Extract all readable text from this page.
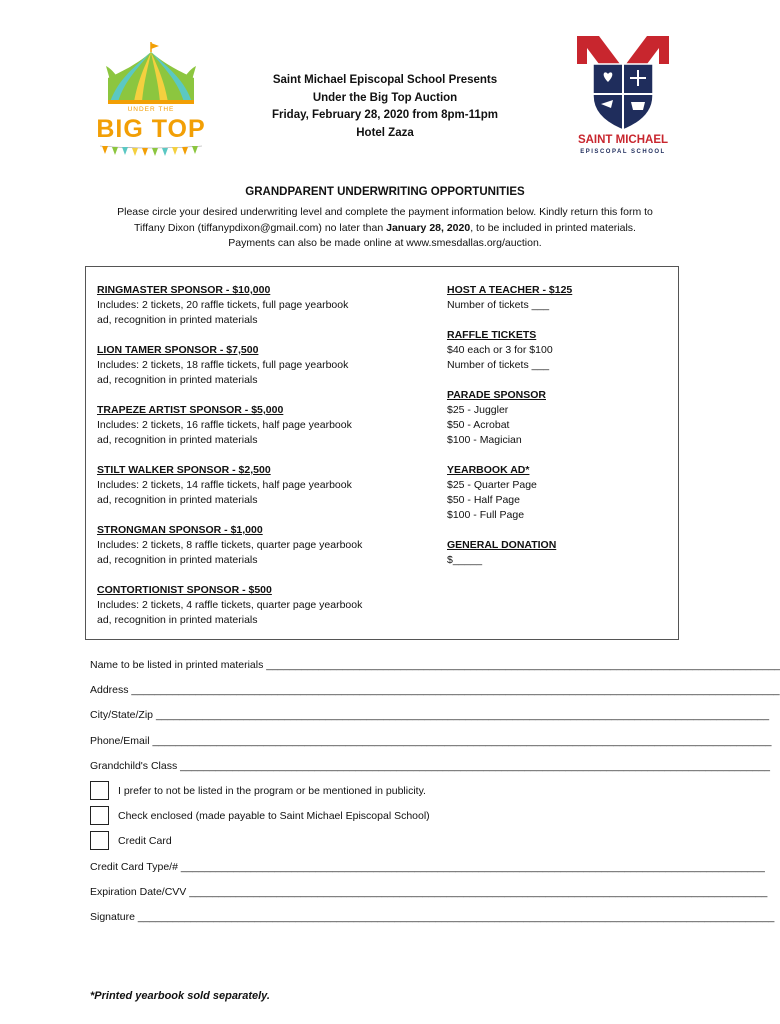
UNDER THE
BIG TOP	SAINT MICHAEL
EPISCOPAL SCHOOL
Saint Michael Episcopal School Presents
Under the Big Top Auction
Friday, February 28, 2020 from 8pm-11pm
Hotel Zaza
GRANDPARENT UNDERWRITING OPPORTUNITIES
Please circle your desired underwriting level and complete the payment information below. Kindly return this form to
Tiffany Dixon (tiffanypdixon@gmail.com) no later than January 28, 2020, to be included in printed materials.
Payments can also be made online at www.smesdallas.org/auction.
RINGMASTER SPONSOR - $10,000
Includes: 2 tickets, 20 raffle tickets, full page yearbook
ad, recognition in printed materials
LION TAMER SPONSOR - $7,500
Includes: 2 tickets, 18 raffle tickets, full page yearbook
ad, recognition in printed materials
TRAPEZE ARTIST SPONSOR - $5,000
Includes: 2 tickets, 16 raffle tickets, half page yearbook
ad, recognition in printed materials
STILT WALKER SPONSOR - $2,500
Includes: 2 tickets, 14 raffle tickets, half page yearbook
ad, recognition in printed materials
STRONGMAN SPONSOR - $1,000
Includes: 2 tickets, 8 raffle tickets, quarter page yearbook
ad, recognition in printed materials
CONTORTIONIST SPONSOR - $500
Includes: 2 tickets, 4 raffle tickets, quarter page yearbook
ad, recognition in printed materials
HOST A TEACHER - $125
Number of tickets ___
RAFFLE TICKETS
$40 each or 3 for $100
Number of tickets ___
PARADE SPONSOR
$25 - Juggler
$50 - Acrobat
$100 - Magician
YEARBOOK AD*
$25 - Quarter Page
$50 - Half Page
$100 - Full Page
GENERAL DONATION
$_____
Name to be listed in printed materials ________________________________________________________________________________________
Address _______________________________________________________________________________________________________________
City/State/Zip _________________________________________________________________________________________________________
Phone/Email __________________________________________________________________________________________________________
Grandchild's Class _____________________________________________________________________________________________________
I prefer to not be listed in the program or be mentioned in publicity.
Check enclosed (made payable to Saint Michael Episcopal School)
Credit Card
Credit Card Type/# ____________________________________________________________________________________________________
Expiration Date/CVV ___________________________________________________________________________________________________
Signature _____________________________________________________________________________________________________________
*Printed yearbook sold separately.
